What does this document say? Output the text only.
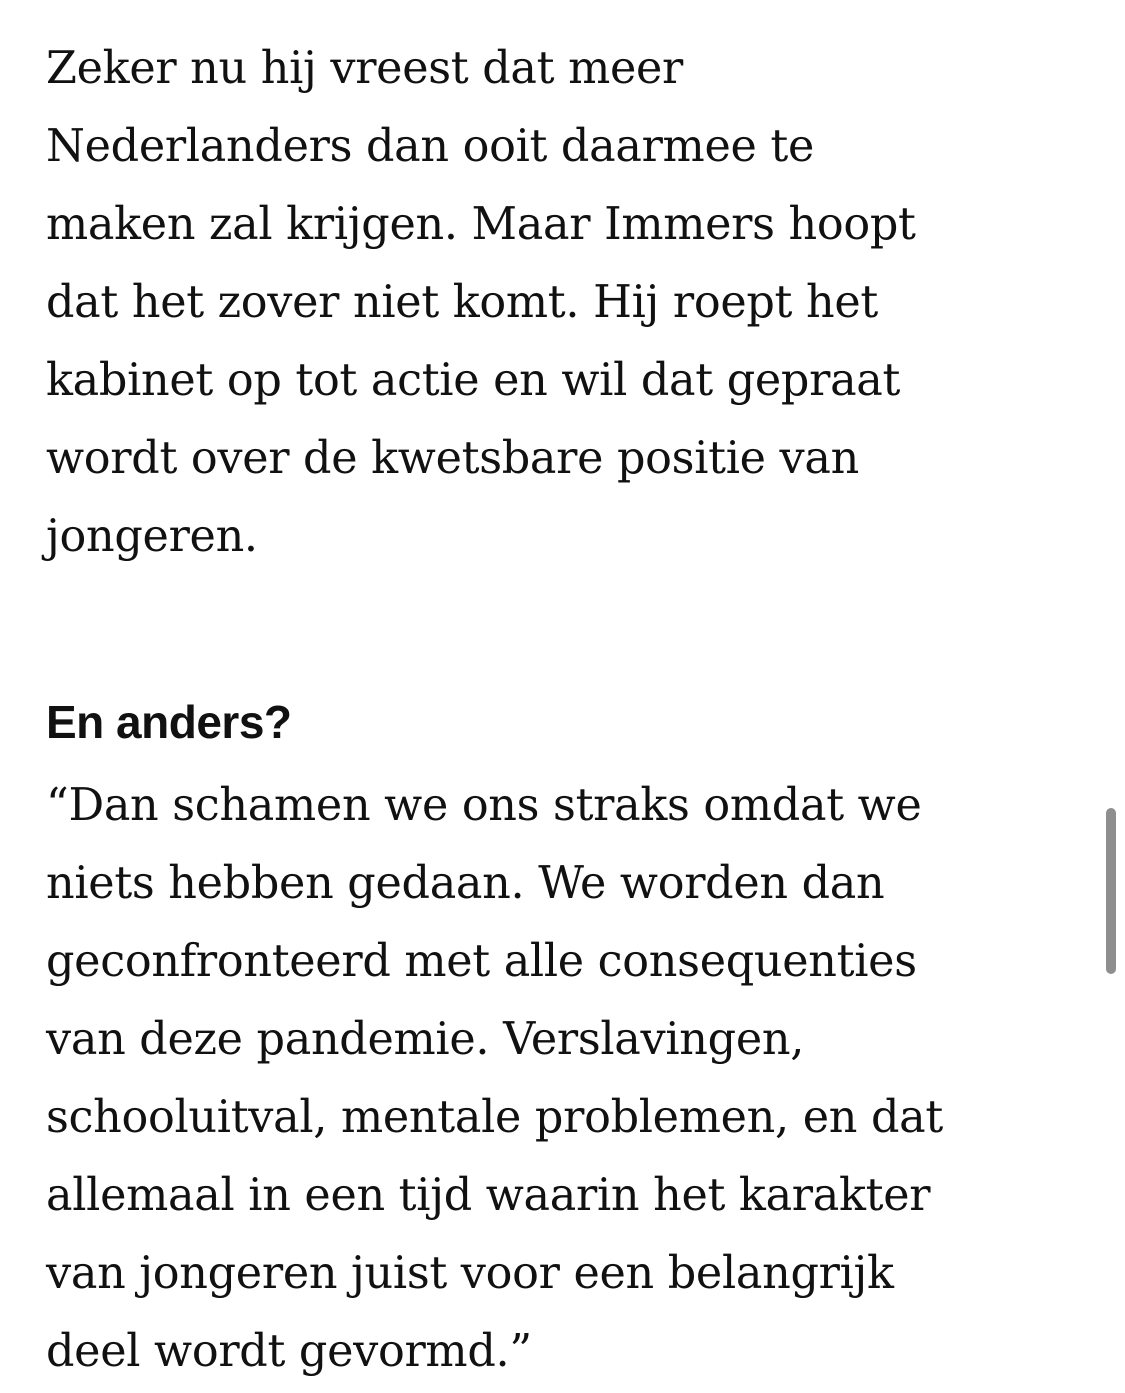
Zeker nu hij vreest dat meer
Nederlanders dan ooit daarmee te
maken zal krijgen. Maar Immers hoopt
dat het zover niet komt. Hij roept het
kabinet op tot actie en wil dat gepraat
wordt over de kwetsbare positie van
jongeren.

En anders?

“Dan schamen we ons straks omdat we
niets hebben gedaan. We worden dan
geconfronteerd met alle consequenties
van deze pandemie. Verslavingen,
schooluitval, mentale problemen, en dat
allemaal in een tijd waarin het karakter
van jongeren juist voor een belangrijk
deel wordt gevormd.”
